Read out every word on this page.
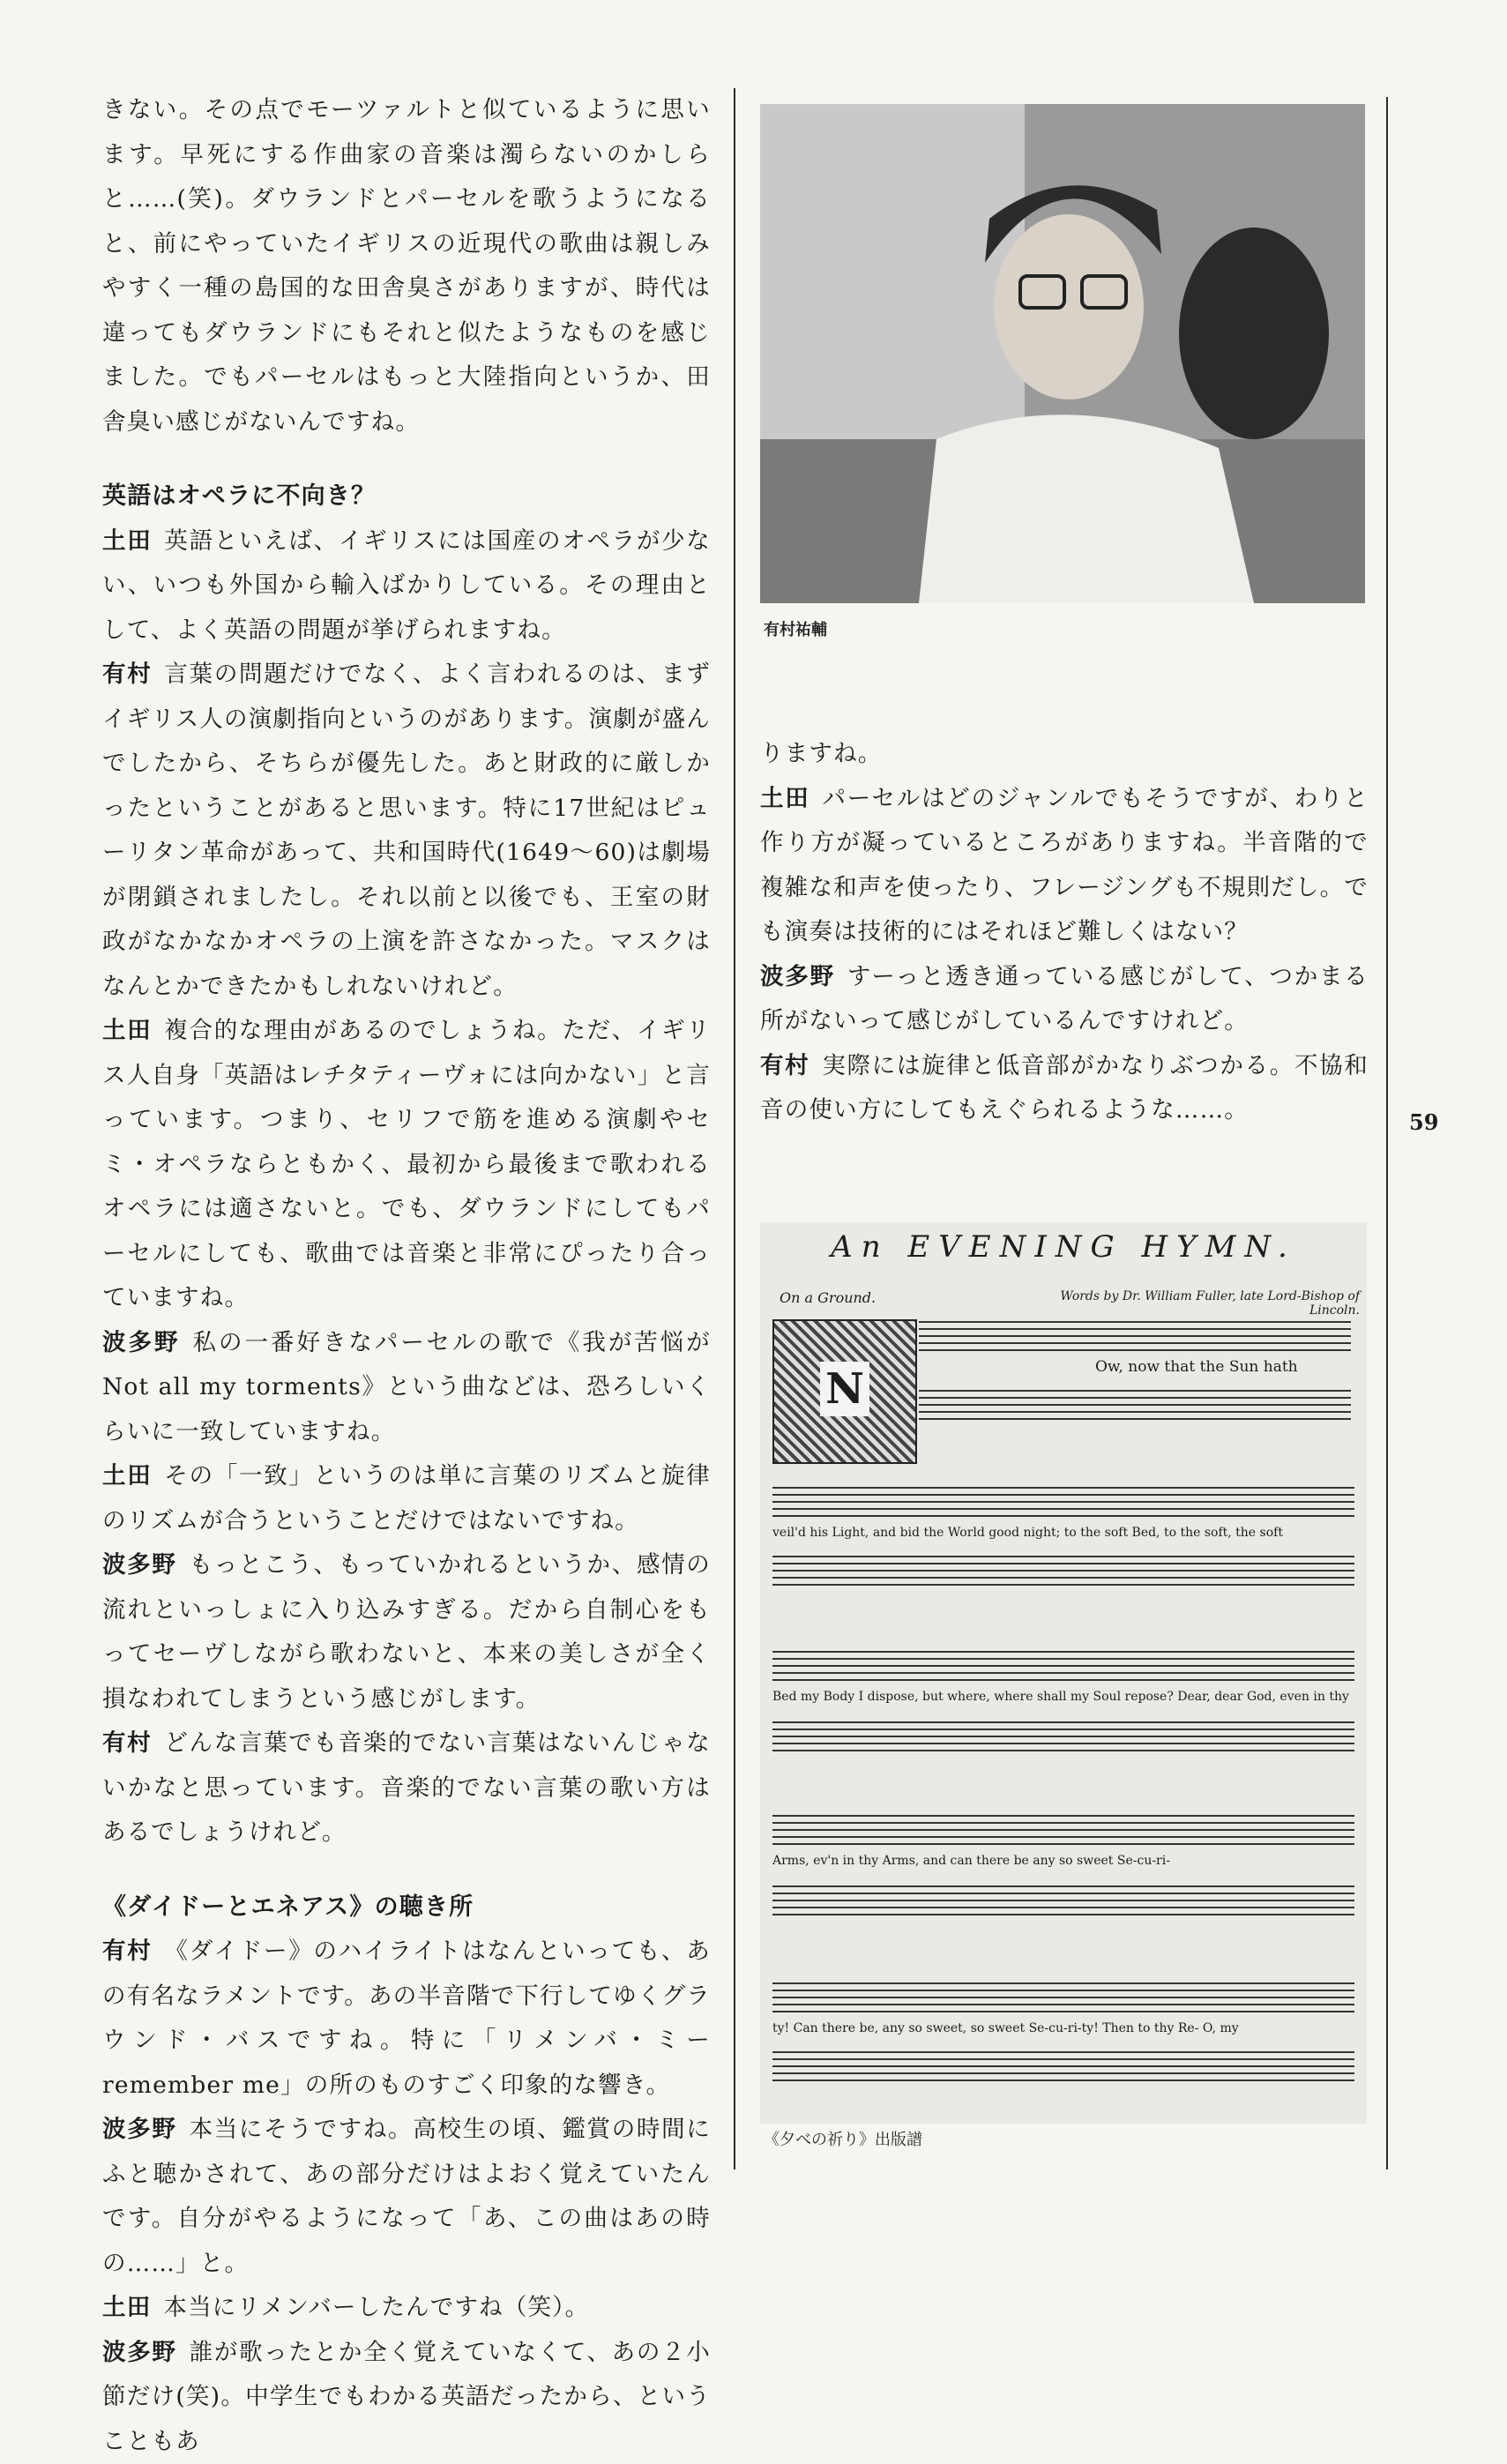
きない。その点でモーツァルトと似ているように思います。早死にする作曲家の音楽は濁らないのかしらと……(笑)。ダウランドとパーセルを歌うようになると、前にやっていたイギリスの近現代の歌曲は親しみやすく一種の島国的な田舎臭さがありますが、時代は違ってもダウランドにもそれと似たようなものを感じました。でもパーセルはもっと大陸指向というか、田舎臭い感じがないんですね。

英語はオペラに不向き？

土田 英語といえば、イギリスには国産のオペラが少ない、いつも外国から輸入ばかりしている。その理由として、よく英語の問題が挙げられますね。

有村 言葉の問題だけでなく、よく言われるのは、まずイギリス人の演劇指向というのがあります。演劇が盛んでしたから、そちらが優先した。あと財政的に厳しかったということがあると思います。特に17世紀はピューリタン革命があって、共和国時代(1649～60)は劇場が閉鎖されましたし。それ以前と以後でも、王室の財政がなかなかオペラの上演を許さなかった。マスクはなんとかできたかもしれないけれど。

土田 複合的な理由があるのでしょうね。ただ、イギリス人自身「英語はレチタティーヴォには向かない」と言っています。つまり、セリフで筋を進める演劇やセミ・オペラならともかく、最初から最後まで歌われるオペラには適さないと。でも、ダウランドにしてもパーセルにしても、歌曲では音楽と非常にぴったり合っていますね。

波多野 私の一番好きなパーセルの歌で《我が苦悩が Not all my torments》という曲などは、恐ろしいくらいに一致していますね。

土田 その「一致」というのは単に言葉のリズムと旋律のリズムが合うということだけではないですね。

波多野 もっとこう、もっていかれるというか、感情の流れといっしょに入り込みすぎる。だから自制心をもってセーヴしながら歌わないと、本来の美しさが全く損なわれてしまうという感じがします。

有村 どんな言葉でも音楽的でない言葉はないんじゃないかなと思っています。音楽的でない言葉の歌い方はあるでしょうけれど。

《ダイドーとエネアス》の聴き所

有村 《ダイドー》のハイライトはなんといっても、あの有名なラメントです。あの半音階で下行してゆくグラウンド・バスですね。特に「リメンバ・ミー remember me」の所のものすごく印象的な響き。

波多野 本当にそうですね。高校生の頃、鑑賞の時間にふと聴かされて、あの部分だけはよおく覚えていたんです。自分がやるようになって「あ、この曲はあの時の……」と。

土田 本当にリメンバーしたんですね（笑）。

波多野 誰が歌ったとか全く覚えていなくて、あの２小節だけ(笑)。中学生でもわかる英語だったから、ということもあ

有村祐輔

りますね。

土田 パーセルはどのジャンルでもそうですが、わりと作り方が凝っているところがありますね。半音階的で複雑な和声を使ったり、フレージングも不規則だし。でも演奏は技術的にはそれほど難しくはない？

波多野 すーっと透き通っている感じがして、つかまる所がないって感じがしているんですけれど。

有村 実際には旋律と低音部がかなりぶつかる。不協和音の使い方にしてもえぐられるような……。	59
An EVENING HYMN.
On a Ground.	Words by Dr. William Fuller, late Lord-Bishop of Lincoln.
N	Ow, now that the Sun hath
veil'd his Light, and bid the World good night; to the soft Bed, to the soft, the soft
Bed my Body I dispose, but where, where shall my Soul repose? Dear, dear God, even in thy
Arms, ev'n in thy Arms, and can there be any so sweet Se-cu-ri-
ty! Can there be, any so sweet, so sweet Se-cu-ri-ty! Then to thy Re- O, my
《夕べの祈り》出版譜
